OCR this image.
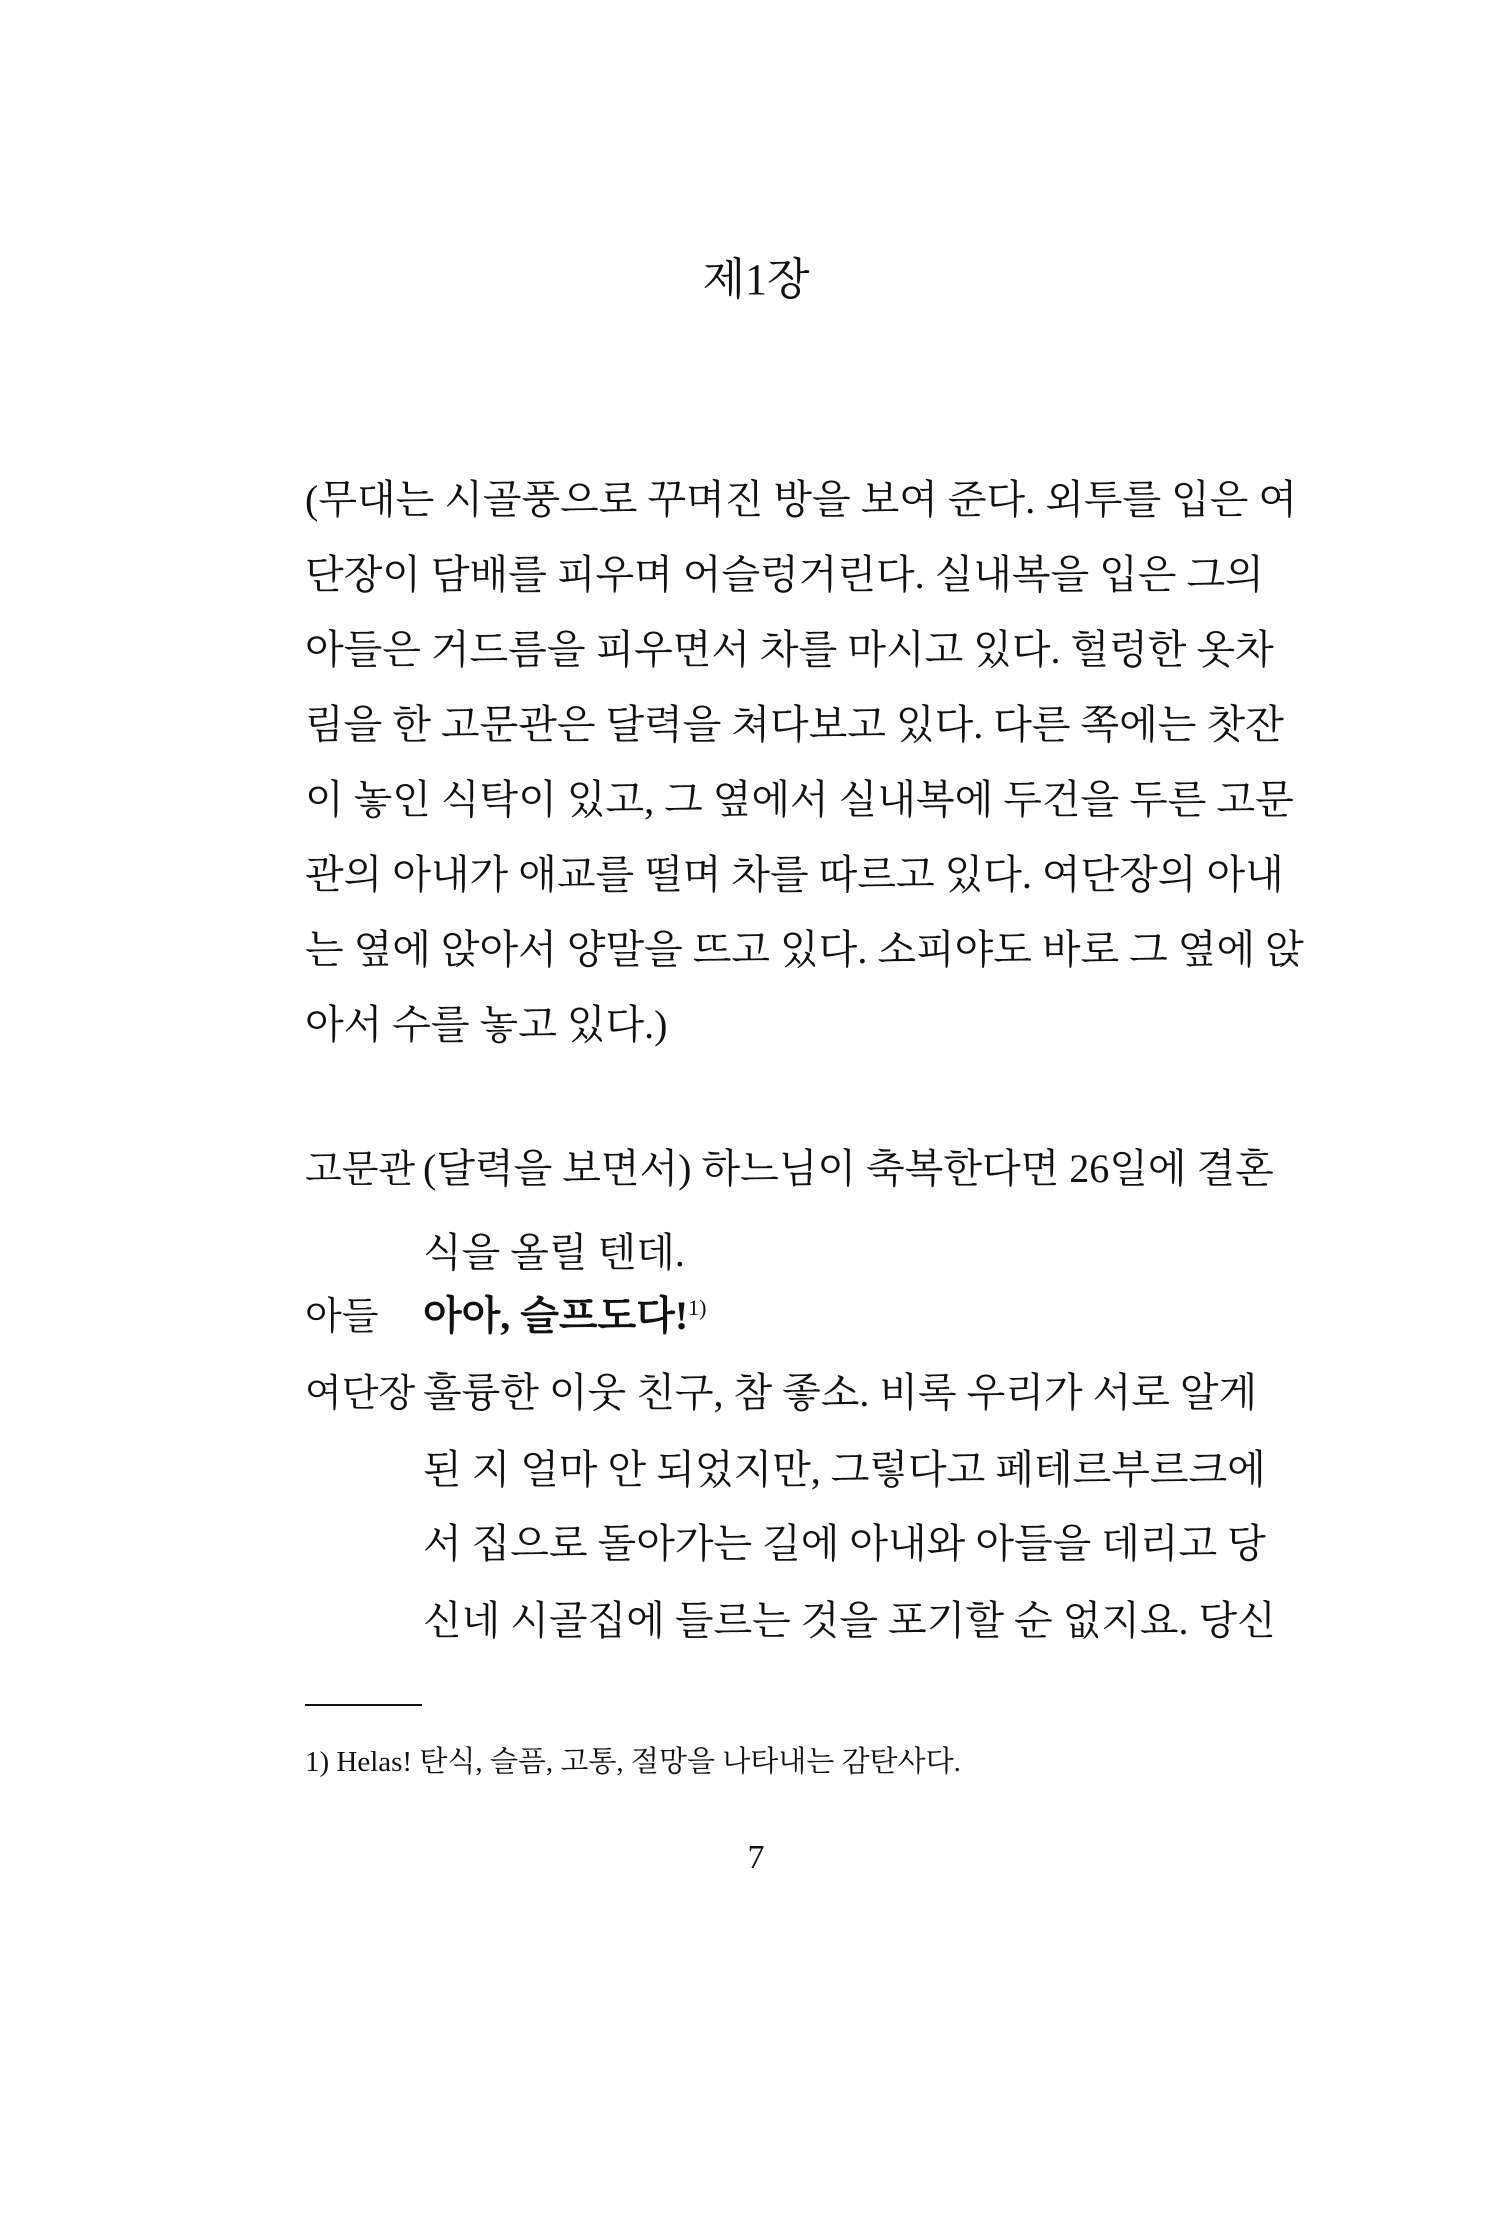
제1장
(무대는 시골풍으로 꾸며진 방을 보여 준다. 외투를 입은 여
단장이 담배를 피우며 어슬렁거린다. 실내복을 입은 그의
아들은 거드름을 피우면서 차를 마시고 있다. 헐렁한 옷차
림을 한 고문관은 달력을 쳐다보고 있다. 다른 쪽에는 찻잔
이 놓인 식탁이 있고, 그 옆에서 실내복에 두건을 두른 고문
관의 아내가 애교를 떨며 차를 따르고 있다. 여단장의 아내
는 옆에 앉아서 양말을 뜨고 있다. 소피야도 바로 그 옆에 앉
아서 수를 놓고 있다.)
고문관 (달력을 보면서) 하느님이 축복한다면 26일에 결혼
식을 올릴 텐데.
아들 아아, 슬프도다!$^{1)}$
여단장 훌륭한 이웃 친구, 참 좋소. 비록 우리가 서로 알게
된 지 얼마 안 되었지만, 그렇다고 페테르부르크에
서 집으로 돌아가는 길에 아내와 아들을 데리고 당
신네 시골집에 들르는 것을 포기할 순 없지요. 당신
1) Helas! 탄식, 슬픔, 고통, 절망을 나타내는 감탄사다.
7
